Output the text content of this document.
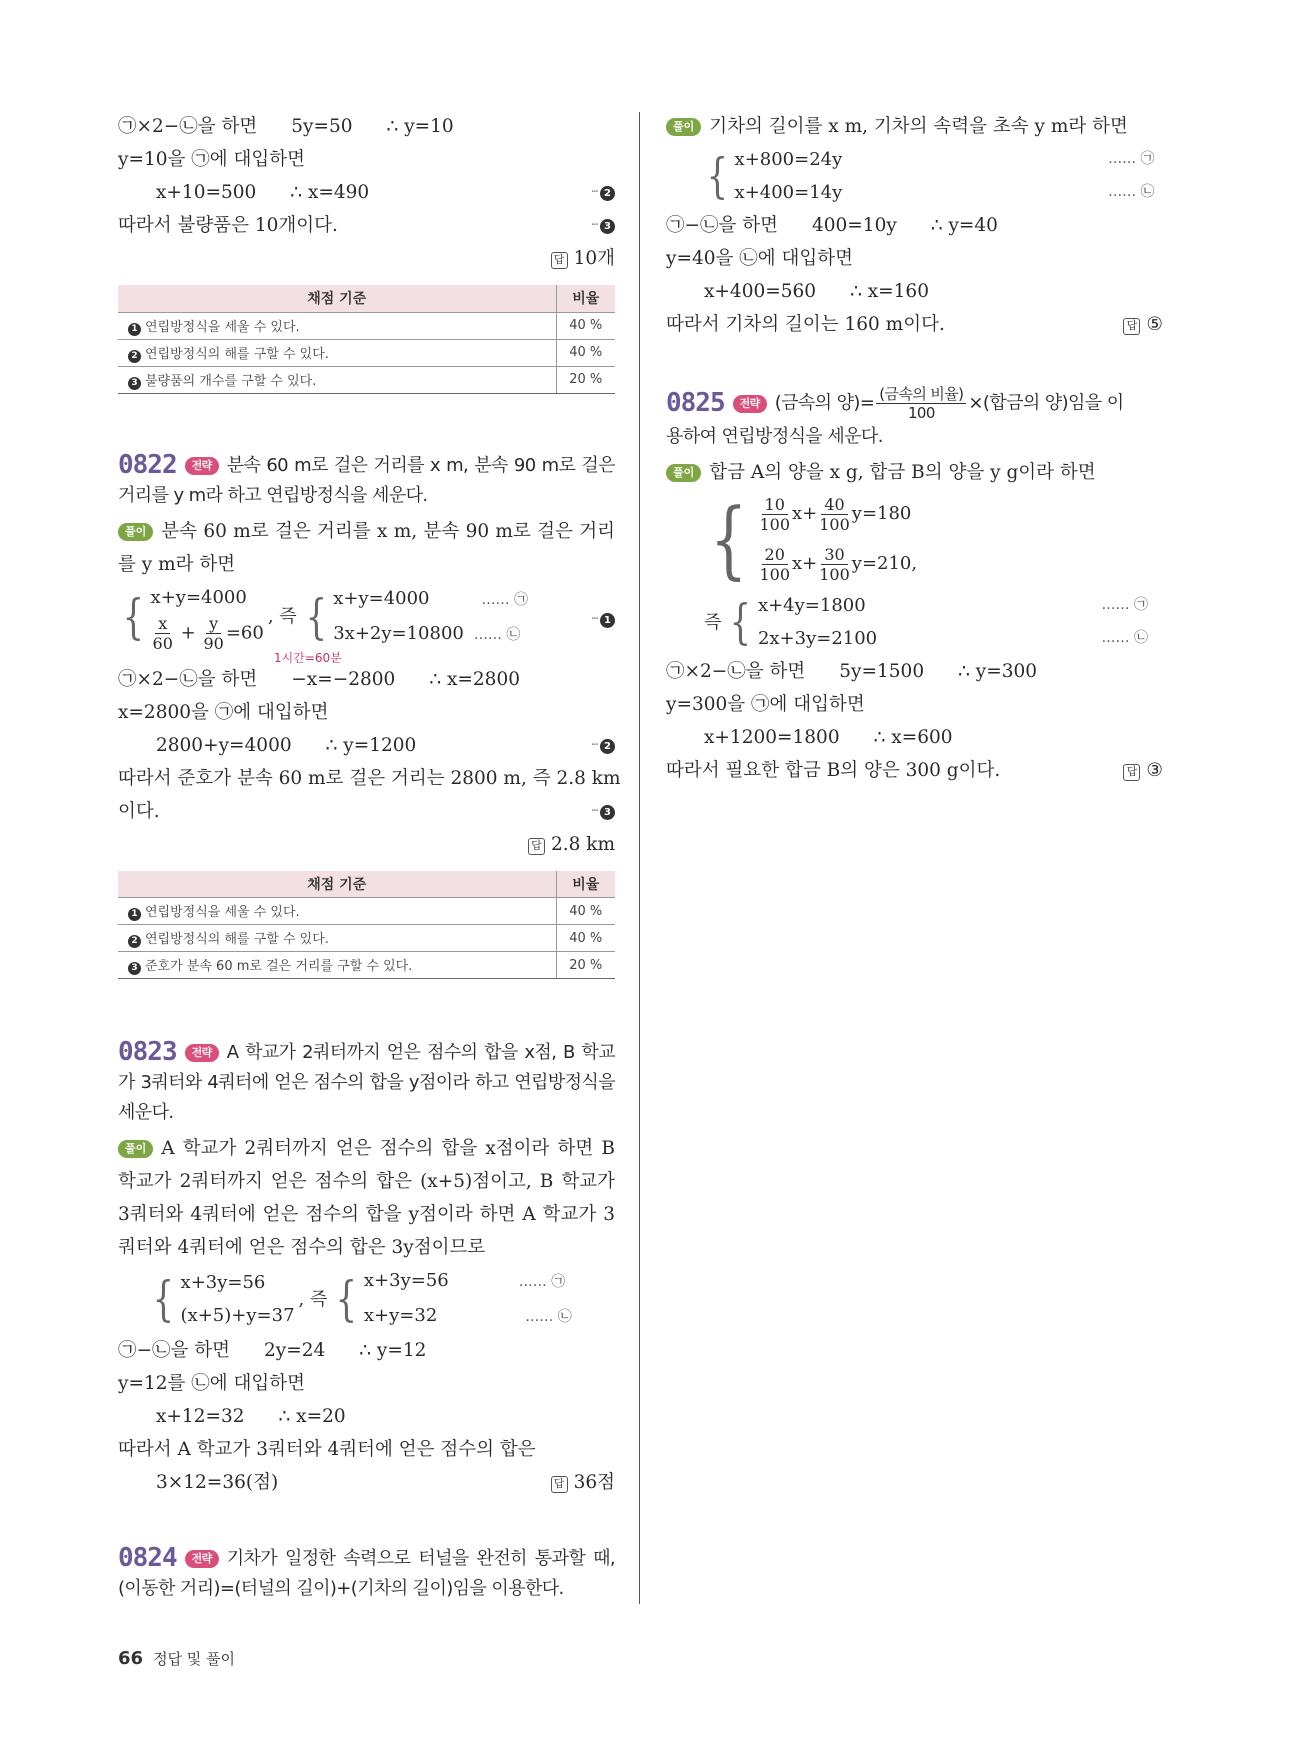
㉠×2−㉡을 하면 5y=50 ∴ y=10
y=10을 ㉠에 대입하면
x+10=500 ∴ x=490	··· 2
따라서 불량품은 10개이다.	··· 3
답 10개
채점 기준	비율
1 연립방정식을 세울 수 있다.	40 %
2 연립방정식의 해를 구할 수 있다.	40 %
3 불량품의 개수를 구할 수 있다.	20 %
0822 전략 분속 60 m로 걸은 거리를 x m, 분속 90 m로 걸은 거리를 y m라 하고 연립방정식을 세운다.
풀이 분속 60 m로 걸은 거리를 x m, 분속 90 m로 걸은 거리를 y m라 하면
{ x+y=4000
$\frac{x}{60} + \frac{y}{90} =60$
, 즉 { x+y=4000	…… ㉠
3x+2y=10800 …… ㉡
··· 1
1시간=60분
㉠×2−㉡을 하면 −x=−2800 ∴ x=2800
x=2800을 ㉠에 대입하면
2800+y=4000 ∴ y=1200	··· 2
따라서 준호가 분속 60 m로 걸은 거리는 2800 m, 즉 2.8 km
이다.	··· 3
답 2.8 km
채점 기준	비율
1 연립방정식을 세울 수 있다.	40 %
2 연립방정식의 해를 구할 수 있다.	40 %
3 준호가 분속 60 m로 걸은 거리를 구할 수 있다.	20 %
0823 전략 A 학교가 2쿼터까지 얻은 점수의 합을 x점, B 학교가 3쿼터와 4쿼터에 얻은 점수의 합을 y점이라 하고 연립방정식을 세운다.
풀이 A 학교가 2쿼터까지 얻은 점수의 합을 x점이라 하면 B 학교가 2쿼터까지 얻은 점수의 합은 (x+5)점이고, B 학교가 3쿼터와 4쿼터에 얻은 점수의 합을 y점이라 하면 A 학교가 3쿼터와 4쿼터에 얻은 점수의 합은 3y점이므로
{ x+3y=56
(x+5)+y=37
, 즉 { x+3y=56	…… ㉠
x+y=32	…… ㉡
㉠−㉡을 하면 2y=24 ∴ y=12
y=12를 ㉡에 대입하면
x+12=32 ∴ x=20
따라서 A 학교가 3쿼터와 4쿼터에 얻은 점수의 합은
3×12=36(점)	답 36점
0824 전략 기차가 일정한 속력으로 터널을 완전히 통과할 때, (이동한 거리)=(터널의 길이)+(기차의 길이)임을 이용한다.
풀이 기차의 길이를 x m, 기차의 속력을 초속 y m라 하면
{ x+800=24y	…… ㉠
x+400=14y	…… ㉡
㉠−㉡을 하면 400=10y ∴ y=40
y=40을 ㉡에 대입하면
x+400=560 ∴ x=160
따라서 기차의 길이는 160 m이다.	답 ⑤
0825 전략 (금속의 양)= $\frac{\text{(금속의 비율)}}{100}$ ×(합금의 양)임을 이
용하여 연립방정식을 세운다.
풀이 합금 A의 양을 x g, 합금 B의 양을 y g이라 하면
{ $\frac{10}{100} x+ \frac{40}{100} y=180$
$\frac{20}{100} x+ \frac{30}{100} y=210$,
즉 { x+4y=1800	…… ㉠
2x+3y=2100	…… ㉡
㉠×2−㉡을 하면 5y=1500 ∴ y=300
y=300을 ㉠에 대입하면
x+1200=1800 ∴ x=600
따라서 필요한 합금 B의 양은 300 g이다.	답 ③
66 정답 및 풀이
